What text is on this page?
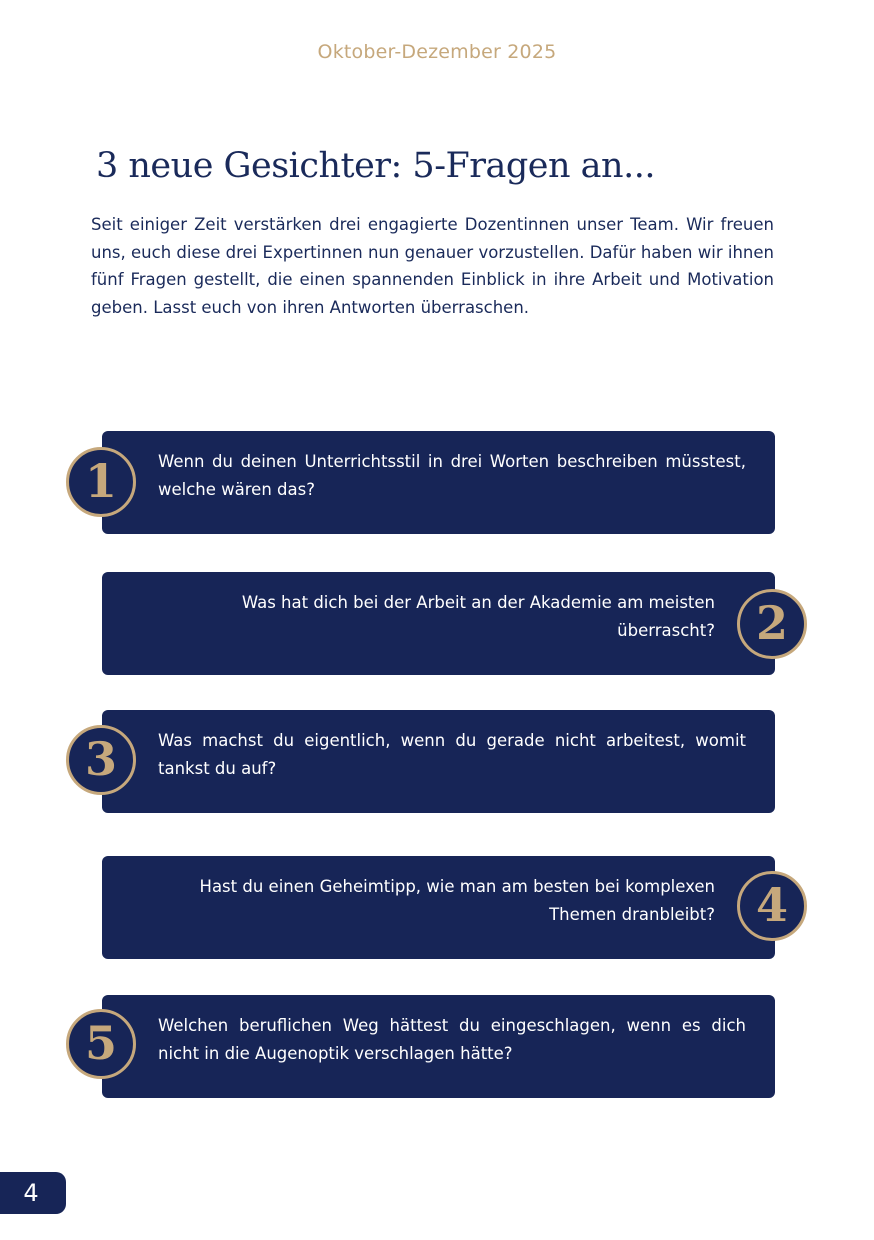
Oktober-Dezember 2025
3 neue Gesichter: 5-Fragen an...

Seit einiger Zeit verstärken drei engagierte Dozentinnen unser Team. Wir freuen uns, euch diese drei Expertinnen nun genauer vorzustellen. Dafür haben wir ihnen fünf Fragen gestellt, die einen spannenden Einblick in ihre Arbeit und Motivation geben. Lasst euch von ihren Antworten überraschen.

Wenn du deinen Unterrichtsstil in drei Worten beschreiben müsstest, welche wären das?

1

Was hat dich bei der Arbeit an der Akademie am meisten überrascht? 2

Was machst du eigentlich, wenn du gerade nicht arbeitest, womit tankst du auf?

3

Hast du einen Geheimtipp, wie man am besten bei komplexen Themen dranbleibt? 4

Welchen beruflichen Weg hättest du eingeschlagen, wenn es dich nicht in die Augenoptik verschlagen hätte?

5
4
